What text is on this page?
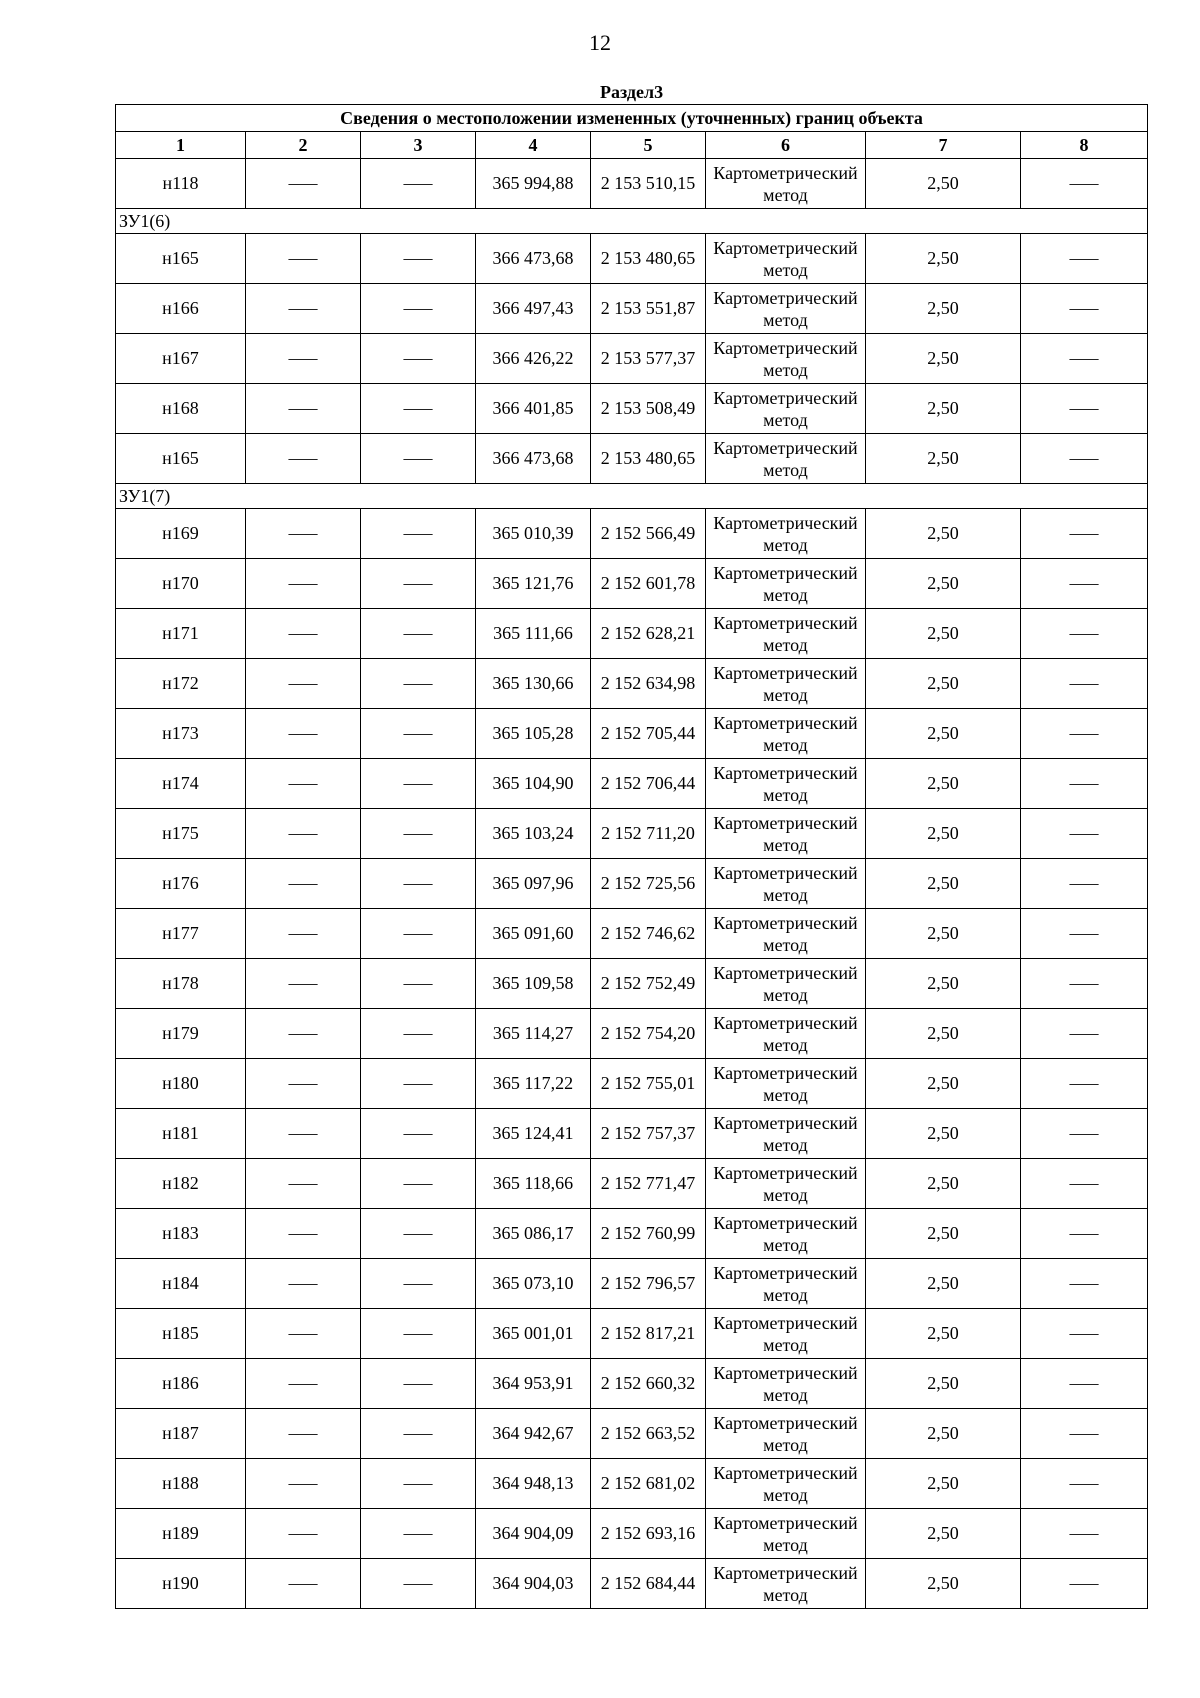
12
Раздел3							
Сведения о местоположении измененных (уточненных) границ объекта							
1	2	3	4	5	6	7	8
н118	—	—	365 994,88	2 153 510,15	Картометрический метод	2,50	—
ЗУ1(6)							
н165	—	—	366 473,68	2 153 480,65	Картометрический метод	2,50	—
н166	—	—	366 497,43	2 153 551,87	Картометрический метод	2,50	—
н167	—	—	366 426,22	2 153 577,37	Картометрический метод	2,50	—
н168	—	—	366 401,85	2 153 508,49	Картометрический метод	2,50	—
н165	—	—	366 473,68	2 153 480,65	Картометрический метод	2,50	—
ЗУ1(7)							
н169	—	—	365 010,39	2 152 566,49	Картометрический метод	2,50	—
н170	—	—	365 121,76	2 152 601,78	Картометрический метод	2,50	—
н171	—	—	365 111,66	2 152 628,21	Картометрический метод	2,50	—
н172	—	—	365 130,66	2 152 634,98	Картометрический метод	2,50	—
н173	—	—	365 105,28	2 152 705,44	Картометрический метод	2,50	—
н174	—	—	365 104,90	2 152 706,44	Картометрический метод	2,50	—
н175	—	—	365 103,24	2 152 711,20	Картометрический метод	2,50	—
н176	—	—	365 097,96	2 152 725,56	Картометрический метод	2,50	—
н177	—	—	365 091,60	2 152 746,62	Картометрический метод	2,50	—
н178	—	—	365 109,58	2 152 752,49	Картометрический метод	2,50	—
н179	—	—	365 114,27	2 152 754,20	Картометрический метод	2,50	—
н180	—	—	365 117,22	2 152 755,01	Картометрический метод	2,50	—
н181	—	—	365 124,41	2 152 757,37	Картометрический метод	2,50	—
н182	—	—	365 118,66	2 152 771,47	Картометрический метод	2,50	—
н183	—	—	365 086,17	2 152 760,99	Картометрический метод	2,50	—
н184	—	—	365 073,10	2 152 796,57	Картометрический метод	2,50	—
н185	—	—	365 001,01	2 152 817,21	Картометрический метод	2,50	—
н186	—	—	364 953,91	2 152 660,32	Картометрический метод	2,50	—
н187	—	—	364 942,67	2 152 663,52	Картометрический метод	2,50	—
н188	—	—	364 948,13	2 152 681,02	Картометрический метод	2,50	—
н189	—	—	364 904,09	2 152 693,16	Картометрический метод	2,50	—
н190	—	—	364 904,03	2 152 684,44	Картометрический метод	2,50	—
